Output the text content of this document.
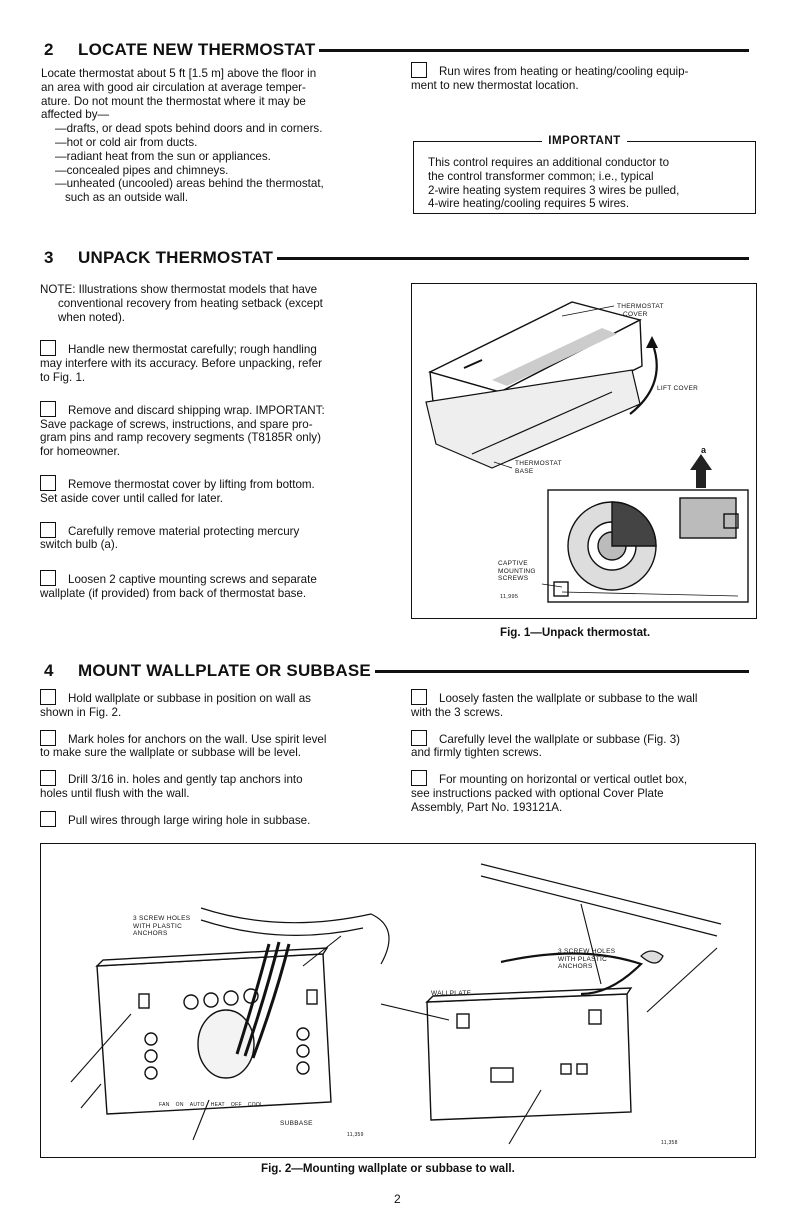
2	LOCATE NEW THERMOSTAT

Locate thermostat about 5 ft [1.5 m] above the floor in

an area with good air circulation at average temper-

ature. Do not mount the thermostat where it may be

affected by—

—drafts, or dead spots behind doors and in corners.

—hot or cold air from ducts.

—radiant heat from the sun or appliances.

—concealed pipes and chimneys.

—unheated (uncooled) areas behind the thermostat,

such as an outside wall.

Run wires from heating or heating/cooling equip-

ment to new thermostat location.

IMPORTANT

This control requires an additional conductor to

the control transformer common; i.e., typical

2-wire heating system requires 3 wires be pulled,

4-wire heating/cooling requires 5 wires.

3	UNPACK THERMOSTAT

NOTE: Illustrations show thermostat models that have

conventional recovery from heating setback (except

when noted).

Handle new thermostat carefully; rough handling

may interfere with its accuracy. Before unpacking, refer

to Fig. 1.

Remove and discard shipping wrap. IMPORTANT:

Save package of screws, instructions, and spare pro-

gram pins and ramp recovery segments (T8185R only)

for homeowner.

Remove thermostat cover by lifting from bottom.

Set aside cover until called for later.

Carefully remove material protecting mercury

switch bulb (a).

Loosen 2 captive mounting screws and separate

wallplate (if provided) from back of thermostat base.

THERMOSTAT
COVER
LIFT COVER
THERMOSTAT
BASE
a
CAPTIVE
MOUNTING
SCREWS
11,995
Fig. 1—Unpack thermostat.
4	MOUNT WALLPLATE OR SUBBASE

Hold wallplate or subbase in position on wall as

shown in Fig. 2.

Mark holes for anchors on the wall. Use spirit level

to make sure the wallplate or subbase will be level.

Drill 3/16 in. holes and gently tap anchors into

holes until flush with the wall.

Pull wires through large wiring hole in subbase.

Loosely fasten the wallplate or subbase to the wall

with the 3 screws.

Carefully level the wallplate or subbase (Fig. 3)

and firmly tighten screws.

For mounting on horizontal or vertical outlet box,

see instructions packed with optional Cover Plate

Assembly, Part No. 193121A.

3 SCREW HOLES
WITH PLASTIC
ANCHORS
FAN ON AUTO HEAT OFF COOL
SUBBASE
11,359
3 SCREW HOLES
WITH PLASTIC
ANCHORS
WALLPLATE
11,358
Fig. 2—Mounting wallplate or subbase to wall.
2
